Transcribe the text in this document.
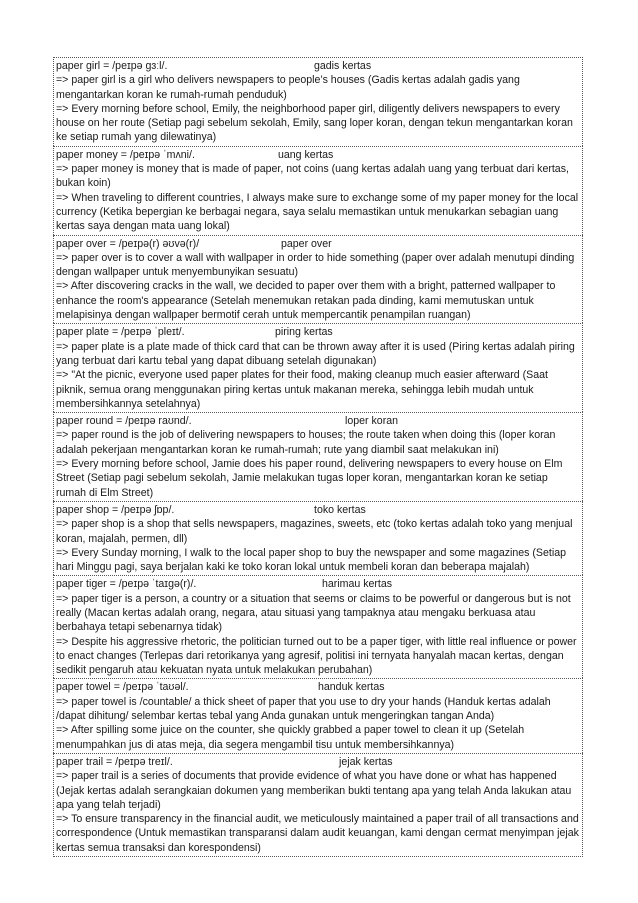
paper girl = /peɪpə ɡɜːl/.	gadis kertas
=> paper girl is a girl who delivers newspapers to people’s houses (Gadis kertas adalah gadis yang mengantarkan koran ke rumah-rumah penduduk)
=> Every morning before school, Emily, the neighborhood paper girl, diligently delivers newspapers to every house on her route (Setiap pagi sebelum sekolah, Emily, sang loper koran, dengan tekun mengantarkan koran ke setiap rumah yang dilewatinya)
paper money = /peɪpə ˈmʌni/.	uang kertas
=> paper money is money that is made of paper, not coins (uang kertas adalah uang yang terbuat dari kertas, bukan koin)
=> When traveling to different countries, I always make sure to exchange some of my paper money for the local currency (Ketika bepergian ke berbagai negara, saya selalu memastikan untuk menukarkan sebagian uang kertas saya dengan mata uang lokal)
paper over = /peɪpə(r) əʊvə(r)/	paper over
=> paper over is to cover a wall with wallpaper in order to hide something (paper over adalah menutupi dinding dengan wallpaper untuk menyembunyikan sesuatu)
=> After discovering cracks in the wall, we decided to paper over them with a bright, patterned wallpaper to enhance the room's appearance (Setelah menemukan retakan pada dinding, kami memutuskan untuk melapisinya dengan wallpaper bermotif cerah untuk mempercantik penampilan ruangan)
paper plate = /peɪpə ˈpleɪt/.	piring kertas
=> paper plate is a plate made of thick card that can be thrown away after it is used (Piring kertas adalah piring yang terbuat dari kartu tebal yang dapat dibuang setelah digunakan)
=> "At the picnic, everyone used paper plates for their food, making cleanup much easier afterward (Saat piknik, semua orang menggunakan piring kertas untuk makanan mereka, sehingga lebih mudah untuk membersihkannya setelahnya)
paper round = /peɪpə raʊnd/.	loper koran
=> paper round is the job of delivering newspapers to houses; the route taken when doing this (loper koran adalah pekerjaan mengantarkan koran ke rumah-rumah; rute yang diambil saat melakukan ini)
=> Every morning before school, Jamie does his paper round, delivering newspapers to every house on Elm Street (Setiap pagi sebelum sekolah, Jamie melakukan tugas loper koran, mengantarkan koran ke setiap rumah di Elm Street)
paper shop = /peɪpə ʃɒp/.	toko kertas
=> paper shop is a shop that sells newspapers, magazines, sweets, etc (toko kertas adalah toko yang menjual koran, majalah, permen, dll)
=> Every Sunday morning, I walk to the local paper shop to buy the newspaper and some magazines (Setiap hari Minggu pagi, saya berjalan kaki ke toko koran lokal untuk membeli koran dan beberapa majalah)
paper tiger = /peɪpə ˈtaɪɡə(r)/.	harimau kertas
=> paper tiger is a person, a country or a situation that seems or claims to be powerful or dangerous but is not really (Macan kertas adalah orang, negara, atau situasi yang tampaknya atau mengaku berkuasa atau berbahaya tetapi sebenarnya tidak)
=> Despite his aggressive rhetoric, the politician turned out to be a paper tiger, with little real influence or power to enact changes (Terlepas dari retorikanya yang agresif, politisi ini ternyata hanyalah macan kertas, dengan sedikit pengaruh atau kekuatan nyata untuk melakukan perubahan)
paper towel = /peɪpə ˈtaʊəl/.	handuk kertas
=> paper towel is /countable/ a thick sheet of paper that you use to dry your hands (Handuk kertas adalah /dapat dihitung/ selembar kertas tebal yang Anda gunakan untuk mengeringkan tangan Anda)
=> After spilling some juice on the counter, she quickly grabbed a paper towel to clean it up (Setelah menumpahkan jus di atas meja, dia segera mengambil tisu untuk membersihkannya)
paper trail = /peɪpə treɪl/.	jejak kertas
=> paper trail is a series of documents that provide evidence of what you have done or what has happened (Jejak kertas adalah serangkaian dokumen yang memberikan bukti tentang apa yang telah Anda lakukan atau apa yang telah terjadi)
=> To ensure transparency in the financial audit, we meticulously maintained a paper trail of all transactions and correspondence (Untuk memastikan transparansi dalam audit keuangan, kami dengan cermat menyimpan jejak kertas semua transaksi dan korespondensi)
